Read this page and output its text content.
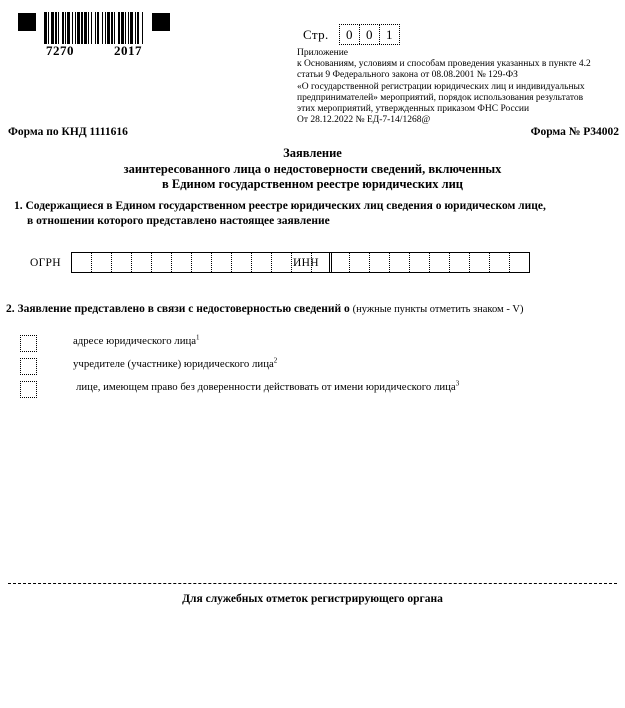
7270	2017
Стр.	0	0	1
Приложение
к Основаниям, условиям и способам проведения указанных в пункте 4.2
статьи 9 Федерального закона от 08.08.2001 № 129-ФЗ
«О государственной регистрации юридических лиц и индивидуальных
предпринимателей» мероприятий, порядок использования результатов
этих мероприятий, утвержденных приказом ФНС России
От 28.12.2022 № ЕД-7-14/1268@
Форма по КНД 1111616	Форма № Р34002
Заявление
заинтересованного лица о недостоверности сведений, включенных
в Едином государственном реестре юридических лиц
1. Содержащиеся в Едином государственном реестре юридических лиц сведения о юридическом лице,
в отношении которого представлено настоящее заявление
ОГРН	ИНН
2. Заявление представлено в связи с недостоверностью сведений о (нужные пункты отметить знаком - V)
адресе юридического лица$^1$
учредителе (участнике) юридического лица$^2$
лице, имеющем право без доверенности действовать от имени юридического лица$^3$
Для служебных отметок регистрирующего органа
